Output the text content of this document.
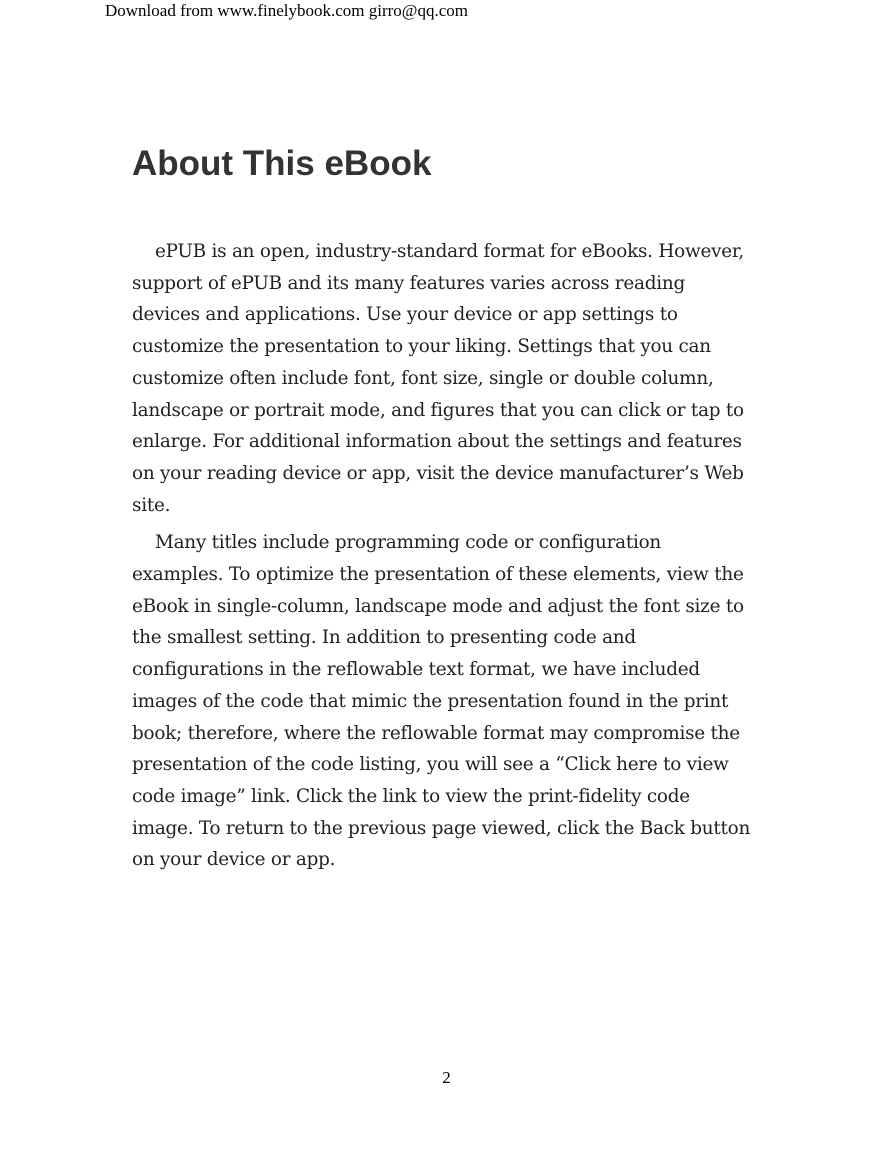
Download from www.finelybook.com girro@qq.com
About This eBook

ePUB is an open, industry-standard format for eBooks. However, support of ePUB and its many features varies across reading devices and applications. Use your device or app settings to customize the presentation to your liking. Settings that you can customize often include font, font size, single or double column, landscape or portrait mode, and figures that you can click or tap to enlarge. For additional information about the settings and features on your reading device or app, visit the device manufacturer’s Web site.

Many titles include programming code or configuration examples. To optimize the presentation of these elements, view the eBook in single-column, landscape mode and adjust the font size to the smallest setting. In addition to presenting code and configurations in the reflowable text format, we have included images of the code that mimic the presentation found in the print book; therefore, where the reflowable format may compromise the presentation of the code listing, you will see a “Click here to view code image” link. Click the link to view the print-fidelity code image. To return to the previous page viewed, click the Back button on your device or app.

2
